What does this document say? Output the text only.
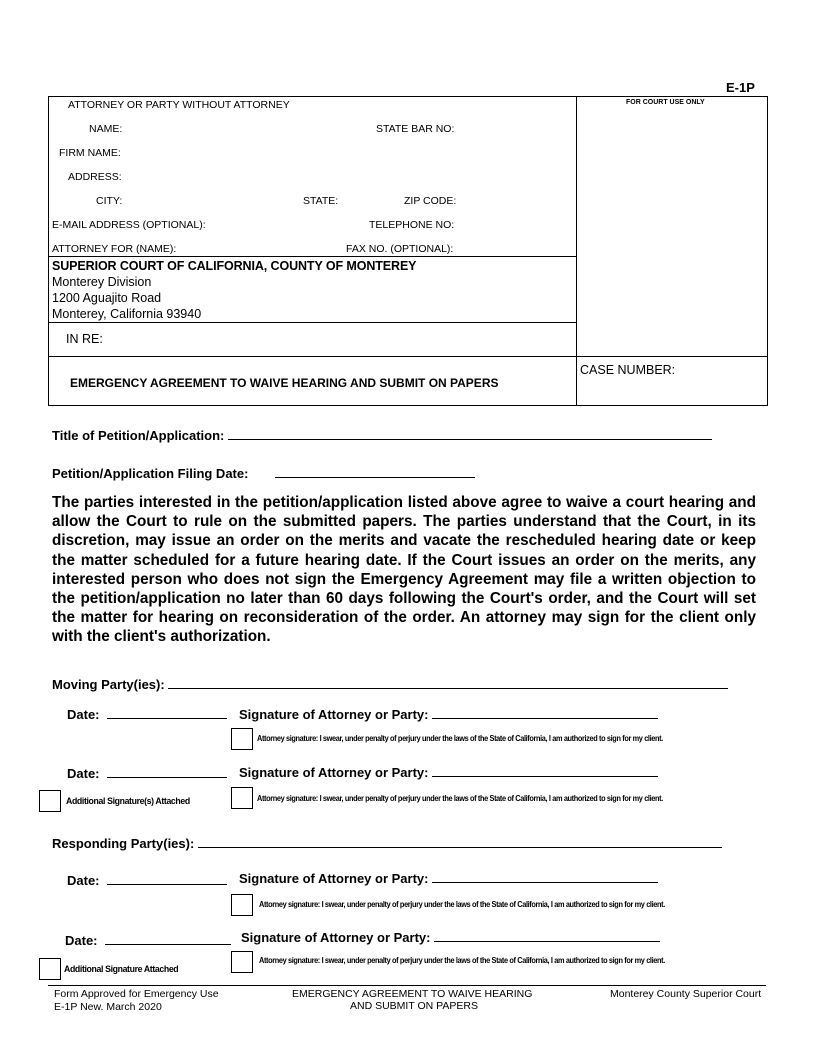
E-1P
ATTORNEY OR PARTY WITHOUT ATTORNEY
NAME:	STATE BAR NO:
FIRM NAME:
ADDRESS:
CITY:	STATE:	ZIP CODE:
E-MAIL ADDRESS (OPTIONAL):	TELEPHONE NO:
ATTORNEY FOR (NAME):	FAX NO. (OPTIONAL):
FOR COURT USE ONLY
SUPERIOR COURT OF CALIFORNIA, COUNTY OF MONTEREY
Monterey Division
1200 Aguajito Road
Monterey, California 93940
IN RE:
EMERGENCY AGREEMENT TO WAIVE HEARING AND SUBMIT ON PAPERS
CASE NUMBER:
Title of Petition/Application:
Petition/Application Filing Date:
The parties interested in the petition/application listed above agree to waive a court hearing and allow the Court to rule on the submitted papers. The parties understand that the Court, in its discretion, may issue an order on the merits and vacate the rescheduled hearing date or keep the matter scheduled for a future hearing date. If the Court issues an order on the merits, any interested person who does not sign the Emergency Agreement may file a written objection to the petition/application no later than 60 days following the Court's order, and the Court will set the matter for hearing on reconsideration of the order. An attorney may sign for the client only with the client's authorization.
Moving Party(ies):
Date:	Signature of Attorney or Party:
Attorney signature: I swear, under penalty of perjury under the laws of the State of California, I am authorized to sign for my client.
Date:	Signature of Attorney or Party:
Additional Signature(s) Attached	Attorney signature: I swear, under penalty of perjury under the laws of the State of California, I am authorized to sign for my client.
Responding Party(ies):
Date:	Signature of Attorney or Party:
Attorney signature: I swear, under penalty of perjury under the laws of the State of California, I am authorized to sign for my client.
Date:	Signature of Attorney or Party:
Additional Signature Attached
Attorney signature: I swear, under penalty of perjury under the laws of the State of California, I am authorized to sign for my client.
Form Approved for Emergency Use
E-1P New. March 2020
EMERGENCY AGREEMENT TO WAIVE HEARING
AND SUBMIT ON PAPERS
Monterey County Superior Court
